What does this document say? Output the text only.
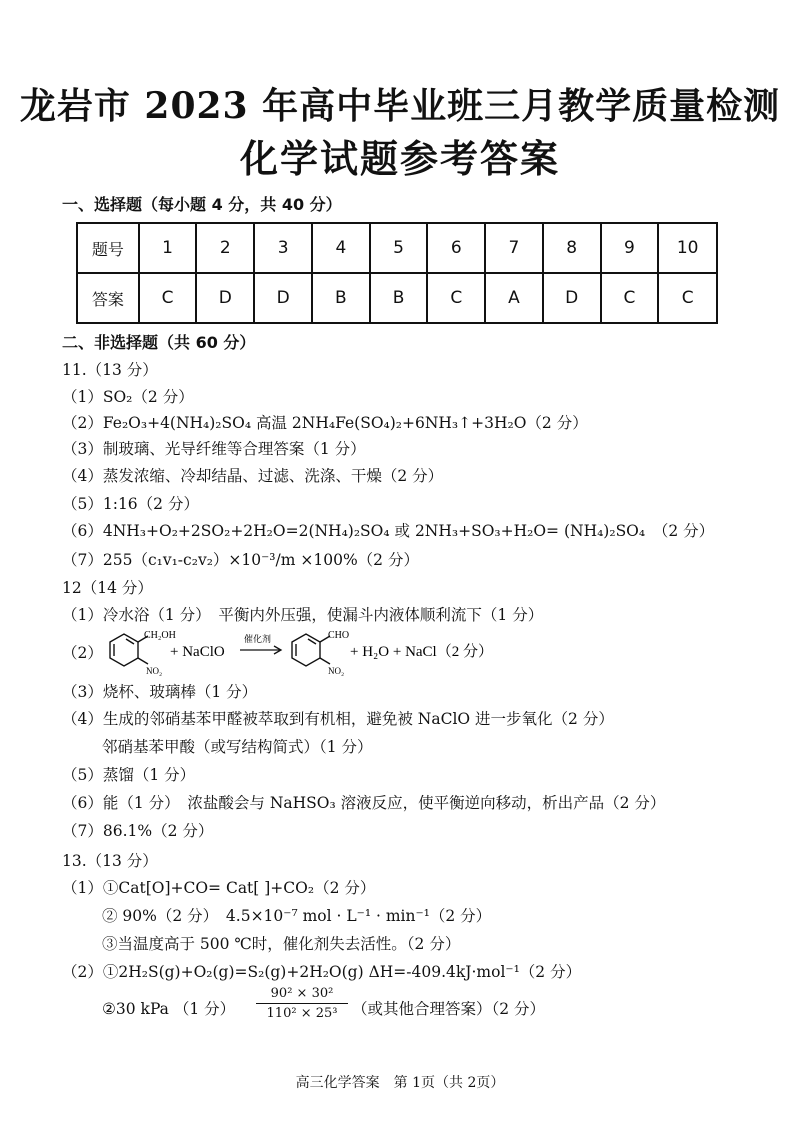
龙岩市 2023 年高中毕业班三月教学质量检测
化学试题参考答案
一、选择题（每小题 4 分，共 40 分）
题号	1	2	3	4	5	6	7	8	9	10
答案	C	D	D	B	B	C	A	D	C	C
二、非选择题（共 60 分）
11.（13 分）
（1）SO₂（2 分）
（2）Fe₂O₃+4(NH₄)₂SO₄ 高温 2NH₄Fe(SO₄)₂+6NH₃↑+3H₂O（2 分）
（3）制玻璃、光导纤维等合理答案（1 分）
（4）蒸发浓缩、冷却结晶、过滤、洗涤、干燥（2 分）
（5）1:16（2 分）
（6）4NH₃+O₂+2SO₂+2H₂O=2(NH₄)₂SO₄ 或 2NH₃+SO₃+H₂O= (NH₄)₂SO₄　（2 分）
（7）255（c₁v₁-c₂v₂）×10⁻³/m ×100%（2 分）
12（14 分）
（1）冷水浴（1 分）　平衡内外压强，使漏斗内液体顺利流下（1 分）
（2）
CH₂OH
NO₂
+ NaClO
催化剂	CHO
NO₂
+ H₂O + NaCl（2 分）
（3）烧杯、玻璃棒（1 分）
（4）生成的邻硝基苯甲醛被萃取到有机相，避免被 NaClO 进一步氧化（2 分）
邻硝基苯甲酸（或写结构简式）（1 分）
（5）蒸馏（1 分）
（6）能（1 分）　浓盐酸会与 NaHSO₃ 溶液反应，使平衡逆向移动，析出产品（2 分）
（7）86.1%（2 分）
13.（13 分）
（1）①Cat[O]+CO= Cat[ ]+CO₂（2 分）
② 90%（2 分）　4.5×10⁻⁷ mol · L⁻¹ · min⁻¹（2 分）
③当温度高于 500 ℃时，催化剂失去活性。（2 分）
（2）①2H₂S(g)+O₂(g)=S₂(g)+2H₂O(g) ΔH=-409.4kJ·mol⁻¹（2 分）
②30 kPa （1 分）
90² × 30²
110² × 25³ （或其他合理答案）（2 分）
高三化学答案　第 1页（共 2页）
